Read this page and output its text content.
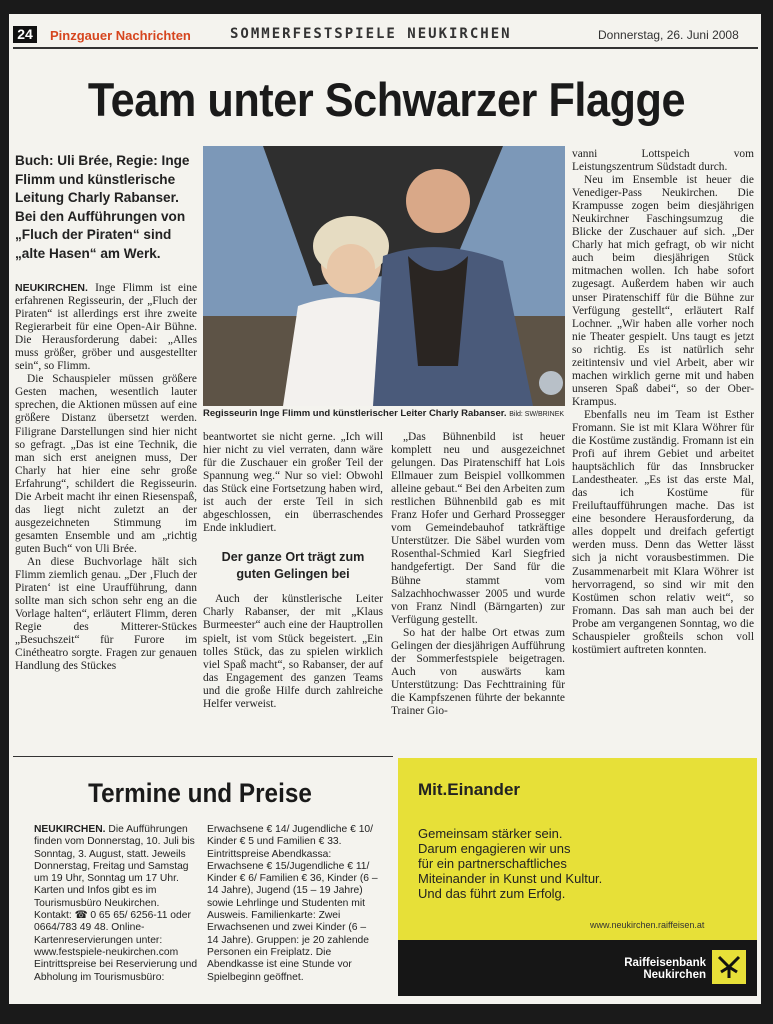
24	Pinzgauer Nachrichten	SOMMERFESTSPIELE NEUKIRCHEN	Donnerstag, 26. Juni 2008
Team unter Schwarzer Flagge
Buch: Uli Brée, Regie: Inge Flimm und künstlerische Leitung Charly Rabanser. Bei den Aufführungen von „Fluch der Piraten“ sind „alte Hasen“ am Werk.

NEUKIRCHEN. Inge Flimm ist eine erfahrenen Regisseurin, der „Fluch der Piraten“ ist allerdings erst ihre zweite Regierarbeit für eine Open-Air Bühne. Die Herausforderung dabei: „Alles muss größer, gröber und ausgestellter sein“, so Flimm.

Die Schauspieler müssen größere Gesten machen, wesentlich lauter sprechen, die Aktionen müssen auf eine größere Distanz übersetzt werden. Filigrane Darstellungen sind hier nicht so gefragt. „Das ist eine Technik, die man sich erst aneignen muss, Der Charly hat hier eine sehr große Erfahrung“, schildert die Regisseurin. Die Arbeit macht ihr einen Riesenspaß, das liegt nicht zuletzt an der ausgezeichneten Stimmung im gesamten Ensemble und am „richtig guten Buch“ von Uli Brée.

An diese Buchvorlage hält sich Flimm ziemlich genau. „Der ‚Fluch der Piraten‘ ist eine Uraufführung, dann sollte man sich schon sehr eng an die Vorlage halten“, erläutert Flimm, deren Regie des Mitterer-Stückes „Besuchszeit“ für Furore im Cinétheatro sorgte. Fragen zur genauen Handlung des Stückes

Regisseurin Inge Flimm und künstlerischer Leiter Charly Rabanser. Bild: SW/BRINEK

beantwortet sie nicht gerne. „Ich will hier nicht zu viel verraten, dann wäre für die Zuschauer ein großer Teil der Spannung weg.“ Nur so viel: Obwohl das Stück eine Fortsetzung haben wird, ist auch der erste Teil in sich abgeschlossen, ein überraschendes Ende inkludiert.

Der ganze Ort trägt zum guten Gelingen bei

Auch der künstlerische Leiter Charly Rabanser, der mit „Klaus Burmeester“ auch eine der Hauptrollen spielt, ist vom Stück begeistert. „Ein tolles Stück, das zu spielen wirklich viel Spaß macht“, so Rabanser, der auf das Engagement des ganzen Teams und die große Hilfe durch zahlreiche Helfer verweist.

„Das Bühnenbild ist heuer komplett neu und ausgezeichnet gelungen. Das Piratenschiff hat Lois Ellmauer zum Beispiel vollkommen alleine gebaut.“ Bei den Arbeiten zum restlichen Bühnenbild gab es mit Franz Hofer und Gerhard Prossegger vom Gemeindebauhof tatkräftige Unterstützer. Die Säbel wurden vom Rosenthal-Schmied Karl Siegfried handgefertigt. Der Sand für die Bühne stammt vom Salzachhochwasser 2005 und wurde von Franz Nindl (Bärngarten) zur Verfügung gestellt.

So hat der halbe Ort etwas zum Gelingen der diesjährigen Aufführung der Sommerfestspiele beigetragen. Auch von auswärts kam Unterstützung: Das Fechttraining für die Kampfszenen führte der bekannte Trainer Gio-

vanni Lottspeich vom Leistungszentrum Südstadt durch.

Neu im Ensemble ist heuer die Venediger-Pass Neukirchen. Die Krampusse zogen beim diesjährigen Neukirchner Faschingsumzug die Blicke der Zuschauer auf sich. „Der Charly hat mich gefragt, ob wir nicht auch beim diesjährigen Stück mitmachen wollen. Ich habe sofort zugesagt. Außerdem haben wir auch unser Piratenschiff für die Bühne zur Verfügung gestellt“, erläutert Ralf Lochner. „Wir haben alle vorher noch nie Theater gespielt. Uns taugt es jetzt so richtig. Es ist natürlich sehr zeitintensiv und viel Arbeit, aber wir machen wirklich gerne mit und haben unseren Spaß dabei“, so der Ober-Krampus.

Ebenfalls neu im Team ist Esther Fromann. Sie ist mit Klara Wöhrer für die Kostüme zuständig. Fromann ist ein Profi auf ihrem Gebiet und arbeitet hauptsächlich für das Innsbrucker Landestheater. „Es ist das erste Mal, das ich Kostüme für Freiluftaufführungen mache. Das ist eine besondere Herausforderung, da alles doppelt und dreifach gefertigt werden muss. Denn das Wetter lässt sich ja nicht vorausbestimmen. Die Zusammenarbeit mit Klara Wöhrer ist hervorragend, so sind wir mit den Kostümen schon relativ weit“, so Fromann. Das sah man auch bei der Probe am vergangenen Sonntag, wo die Schauspieler großteils schon voll kostümiert auftreten konnten.

Termine und Preise
NEUKIRCHEN. Die Aufführungen finden vom Donnerstag, 10. Juli bis Sonntag, 3. August, statt. Jeweils Donnerstag, Freitag und Samstag um 19 Uhr, Sonntag um 17 Uhr. Karten und Infos gibt es im Tourismusbüro Neukirchen. Kontakt: ☎ 0 65 65/ 6256-11 oder 0664/783 49 48. Online-Kartenreservierungen unter: www.festspiele-neukirchen.com Eintrittspreise bei Reservierung und Abholung im Tourismusbüro:
Erwachsene € 14/ Jugendliche € 10/ Kinder € 5 und Familien € 33. Eintrittspreise Abendkassa: Erwachsene € 15/Jugendliche € 11/ Kinder € 6/ Familien € 36, Kinder (6 – 14 Jahre), Jugend (15 – 19 Jahre) sowie Lehrlinge und Studenten mit Ausweis. Familienkarte: Zwei Erwachsenen und zwei Kinder (6 – 14 Jahre). Gruppen: je 20 zahlende Personen ein Freiplatz. Die Abendkasse ist eine Stunde vor Spielbeginn geöffnet.
Mit.Einander
Gemeinsam stärker sein.
Darum engagieren wir uns
für ein partnerschaftliches
Miteinander in Kunst und Kultur.
Und das führt zum Erfolg.
www.neukirchen.raiffeisen.at
Raiffeisenbank
Neukirchen
